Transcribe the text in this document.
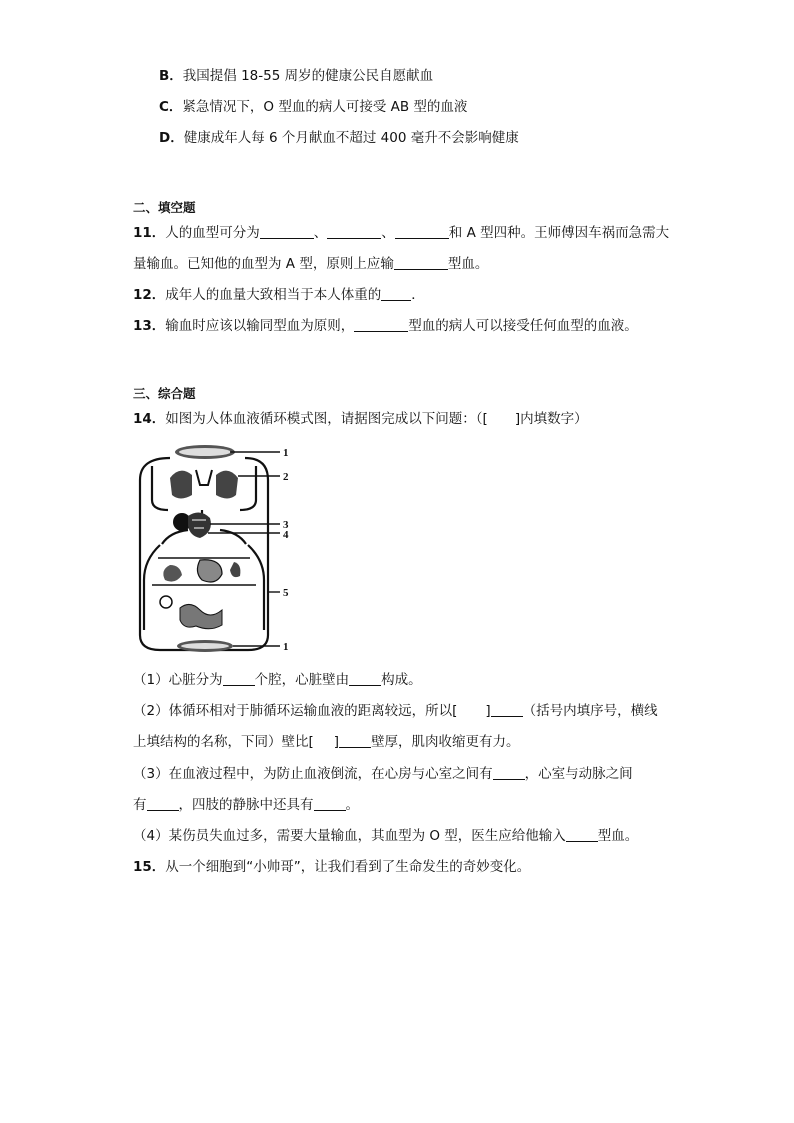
B．我国提倡 18-55 周岁的健康公民自愿献血
C．紧急情况下，O 型血的病人可接受 AB 型的血液
D．健康成年人每 6 个月献血不超过 400 毫升不会影响健康
二、填空题
11．人的血型可分为	、	、	和 A 型四种。王师傅因车祸而急需大
量输血。已知他的血型为 A 型，原则上应输	型血。
12．成年人的血量大致相当于本人体重的 ．
13．输血时应该以输同型血为原则，	型血的病人可以接受任何血型的血液。
三、综合题
14．如图为人体血液循环模式图，请据图完成以下问题：（[　　]内填数字）
1
2
3
4
5
1
（1）心脏分为 个腔，心脏壁由 构成。
（2）体循环相对于肺循环运输血液的距离较远，所以[ ] （括号内填序号，横线
上填结构的名称，下同）壁比[ ] 壁厚，肌肉收缩更有力。
（3）在血液过程中，为防止血液倒流，在心房与心室之间有 ，心室与动脉之间
有 ，四肢的静脉中还具有 。
（4）某伤员失血过多，需要大量输血，其血型为 O 型，医生应给他输入 型血。
15．从一个细胞到“小帅哥”，让我们看到了生命发生的奇妙变化。
